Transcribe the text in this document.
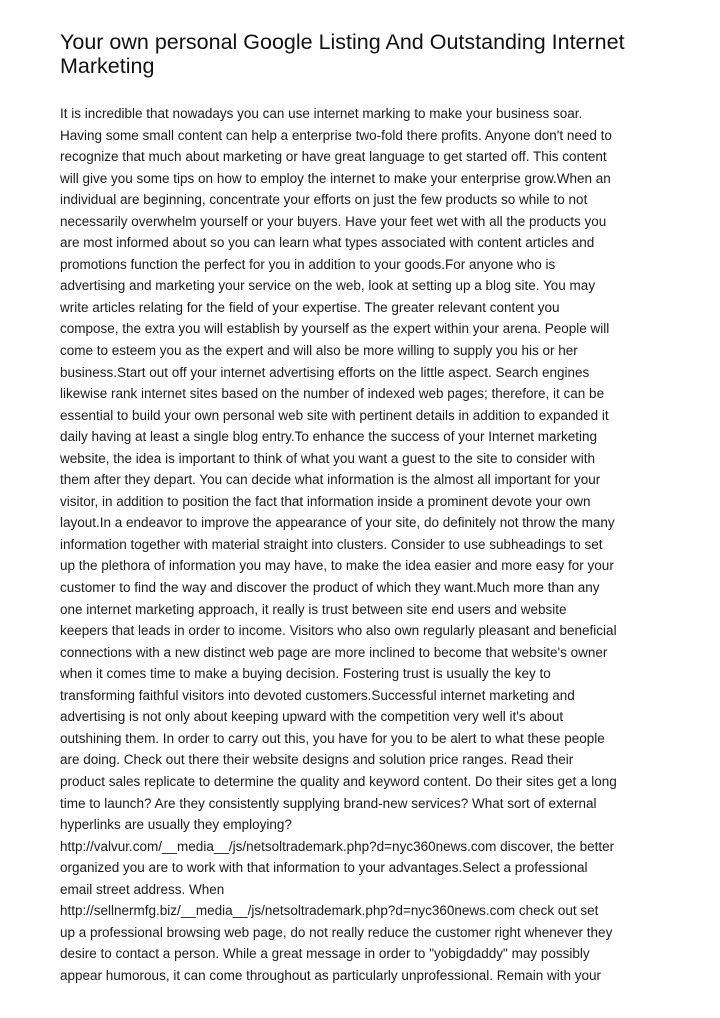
Your own personal Google Listing And Outstanding Internet
Marketing
It is incredible that nowadays you can use internet marking to make your business soar.
Having some small content can help a enterprise two-fold there profits. Anyone don't need to
recognize that much about marketing or have great language to get started off. This content
will give you some tips on how to employ the internet to make your enterprise grow.When an
individual are beginning, concentrate your efforts on just the few products so while to not
necessarily overwhelm yourself or your buyers. Have your feet wet with all the products you
are most informed about so you can learn what types associated with content articles and
promotions function the perfect for you in addition to your goods.For anyone who is
advertising and marketing your service on the web, look at setting up a blog site. You may
write articles relating for the field of your expertise. The greater relevant content you
compose, the extra you will establish by yourself as the expert within your arena. People will
come to esteem you as the expert and will also be more willing to supply you his or her
business.Start out off your internet advertising efforts on the little aspect. Search engines
likewise rank internet sites based on the number of indexed web pages; therefore, it can be
essential to build your own personal web site with pertinent details in addition to expanded it
daily having at least a single blog entry.To enhance the success of your Internet marketing
website, the idea is important to think of what you want a guest to the site to consider with
them after they depart. You can decide what information is the almost all important for your
visitor, in addition to position the fact that information inside a prominent devote your own
layout.In a endeavor to improve the appearance of your site, do definitely not throw the many
information together with material straight into clusters. Consider to use subheadings to set
up the plethora of information you may have, to make the idea easier and more easy for your
customer to find the way and discover the product of which they want.Much more than any
one internet marketing approach, it really is trust between site end users and website
keepers that leads in order to income. Visitors who also own regularly pleasant and beneficial
connections with a new distinct web page are more inclined to become that website's owner
when it comes time to make a buying decision. Fostering trust is usually the key to
transforming faithful visitors into devoted customers.Successful internet marketing and
advertising is not only about keeping upward with the competition very well it's about
outshining them. In order to carry out this, you have for you to be alert to what these people
are doing. Check out there their website designs and solution price ranges. Read their
product sales replicate to determine the quality and keyword content. Do their sites get a long
time to launch? Are they consistently supplying brand-new services? What sort of external
hyperlinks are usually they employing?
http://valvur.com/__media__/js/netsoltrademark.php?d=nyc360news.com discover, the better
organized you are to work with that information to your advantages.Select a professional
email street address. When
http://sellnermfg.biz/__media__/js/netsoltrademark.php?d=nyc360news.com check out set
up a professional browsing web page, do not really reduce the customer right whenever they
desire to contact a person. While a great message in order to "yobigdaddy" may possibly
appear humorous, it can come throughout as particularly unprofessional. Remain with your
